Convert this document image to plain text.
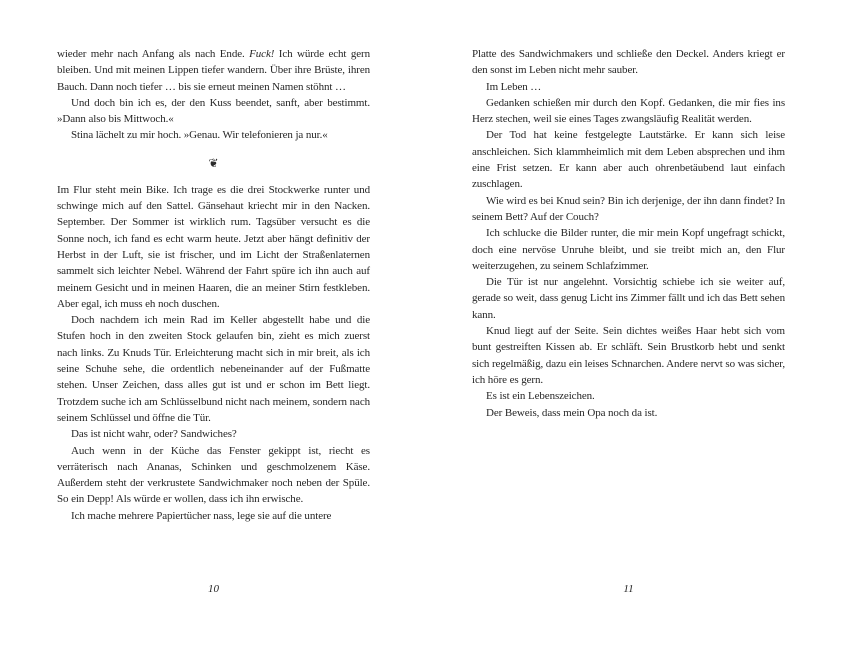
wieder mehr nach Anfang als nach Ende. Fuck! Ich würde echt gern bleiben. Und mit meinen Lippen tiefer wandern. Über ihre Brüste, ihren Bauch. Dann noch tiefer … bis sie erneut meinen Namen stöhnt …

Und doch bin ich es, der den Kuss beendet, sanft, aber bestimmt. »Dann also bis Mittwoch.«

Stina lächelt zu mir hoch. »Genau. Wir telefonieren ja nur.«

❦

Im Flur steht mein Bike. Ich trage es die drei Stockwerke runter und schwinge mich auf den Sattel. Gänsehaut kriecht mir in den Nacken. September. Der Sommer ist wirklich rum. Tagsüber versucht es die Sonne noch, ich fand es echt warm heute. Jetzt aber hängt definitiv der Herbst in der Luft, sie ist frischer, und im Licht der Straßenlaternen sammelt sich leichter Nebel. Während der Fahrt spüre ich ihn auch auf meinem Gesicht und in meinen Haaren, die an meiner Stirn festkleben. Aber egal, ich muss eh noch duschen.

Doch nachdem ich mein Rad im Keller abgestellt habe und die Stufen hoch in den zweiten Stock gelaufen bin, zieht es mich zuerst nach links. Zu Knuds Tür. Erleichterung macht sich in mir breit, als ich seine Schuhe sehe, die ordentlich nebeneinander auf der Fußmatte stehen. Unser Zeichen, dass alles gut ist und er schon im Bett liegt. Trotzdem suche ich am Schlüsselbund nicht nach meinem, sondern nach seinem Schlüssel und öffne die Tür.

Das ist nicht wahr, oder? Sandwiches?

Auch wenn in der Küche das Fenster gekippt ist, riecht es verräterisch nach Ananas, Schinken und geschmolzenem Käse. Außerdem steht der verkrustete Sandwichmaker noch neben der Spüle. So ein Depp! Als würde er wollen, dass ich ihn erwische.

Ich mache mehrere Papiertücher nass, lege sie auf die untere

10

Platte des Sandwichmakers und schließe den Deckel. Anders kriegt er den sonst im Leben nicht mehr sauber.

Im Leben …

Gedanken schießen mir durch den Kopf. Gedanken, die mir fies ins Herz stechen, weil sie eines Tages zwangsläufig Realität werden.

Der Tod hat keine festgelegte Lautstärke. Er kann sich leise anschleichen. Sich klammheimlich mit dem Leben absprechen und ihm eine Frist setzen. Er kann aber auch ohrenbetäubend laut einfach zuschlagen.

Wie wird es bei Knud sein? Bin ich derjenige, der ihn dann findet? In seinem Bett? Auf der Couch?

Ich schlucke die Bilder runter, die mir mein Kopf ungefragt schickt, doch eine nervöse Unruhe bleibt, und sie treibt mich an, den Flur weiterzugehen, zu seinem Schlafzimmer.

Die Tür ist nur angelehnt. Vorsichtig schiebe ich sie weiter auf, gerade so weit, dass genug Licht ins Zimmer fällt und ich das Bett sehen kann.

Knud liegt auf der Seite. Sein dichtes weißes Haar hebt sich vom bunt gestreiften Kissen ab. Er schläft. Sein Brustkorb hebt und senkt sich regelmäßig, dazu ein leises Schnarchen. Andere nervt so was sicher, ich höre es gern.

Es ist ein Lebenszeichen.

Der Beweis, dass mein Opa noch da ist.

11
